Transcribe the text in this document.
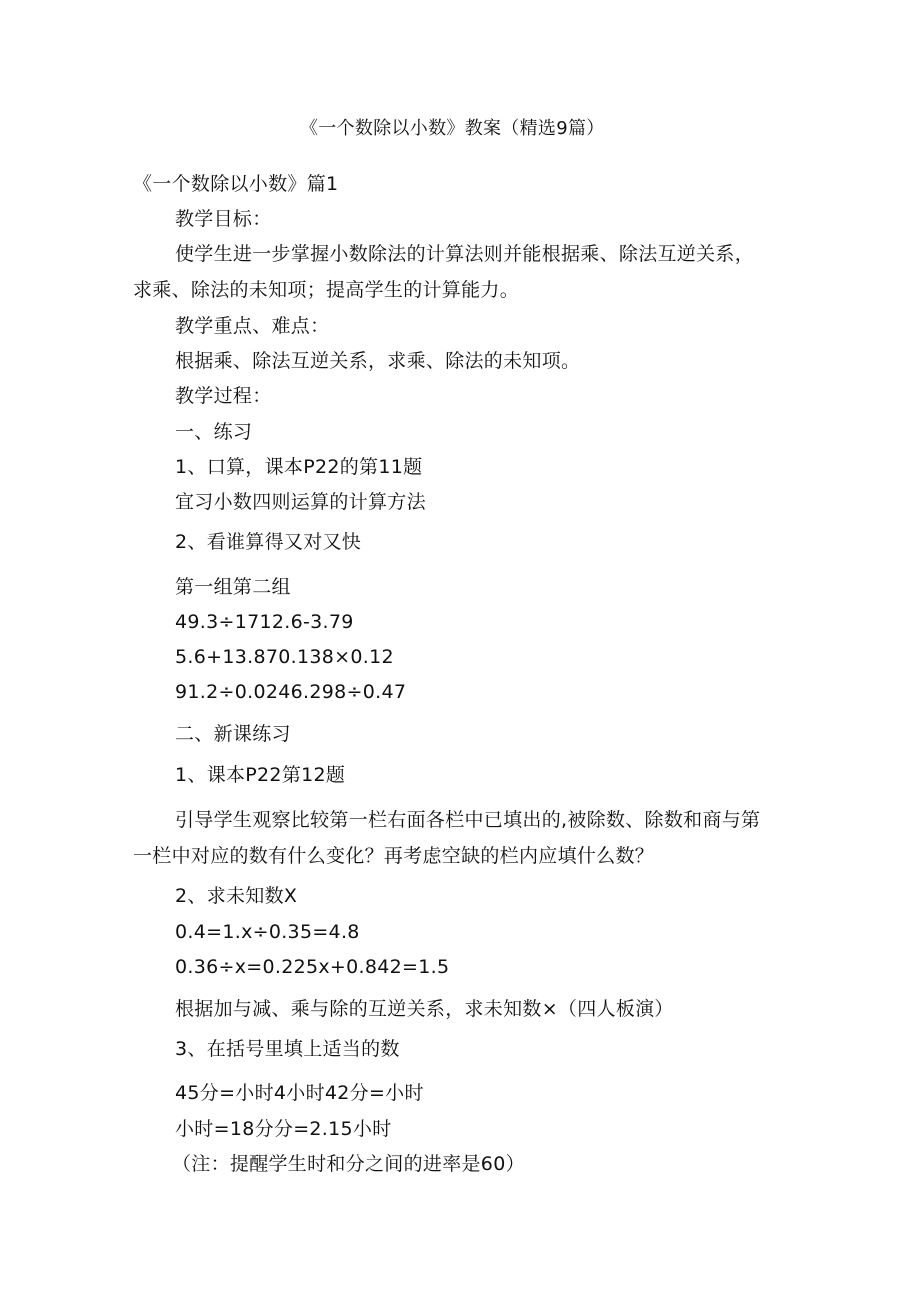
《一个数除以小数》教案（精选9篇）
《一个数除以小数》篇1
教学目标：
使学生进一步掌握小数除法的计算法则并能根据乘、除法互逆关系，
求乘、除法的未知项；提高学生的计算能力。
教学重点、难点：
根据乘、除法互逆关系，求乘、除法的未知项。
教学过程：
一、练习
1、口算，课本P22的第11题
宜习小数四则运算的计算方法
2、看谁算得又对又快
第一组第二组
49.3÷1712.6-3.79
5.6+13.870.138×0.12
91.2÷0.0246.298÷0.47
二、新课练习
1、课本P22第12题
引导学生观察比较第一栏右面各栏中已填出的,被除数、除数和商与第
一栏中对应的数有什么变化？再考虑空缺的栏内应填什么数？
2、求未知数X
0.4=1.x÷0.35=4.8
0.36÷x=0.225x+0.842=1.5
根据加与减、乘与除的互逆关系，求未知数×（四人板演）
3、在括号里填上适当的数
45分=小时4小时42分=小时
小时=18分分=2.15小时
（注：提醒学生时和分之间的进率是60）
